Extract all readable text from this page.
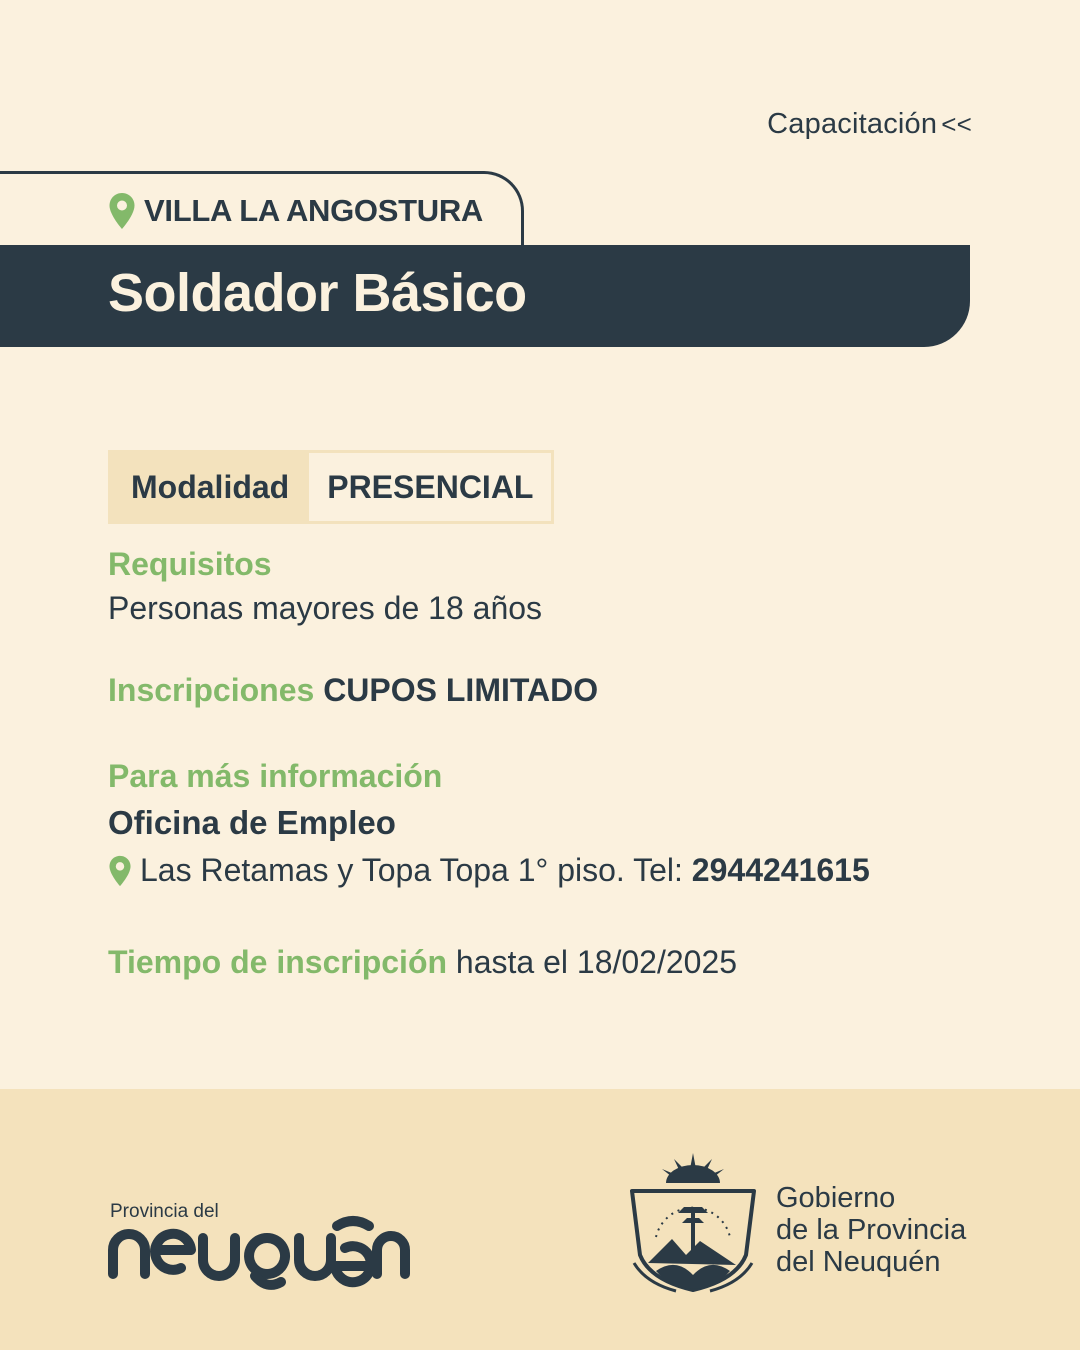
Capacitación <<
VILLA LA ANGOSTURA
Soldador Básico
Modalidad	PRESENCIAL
Requisitos
Personas mayores de 18 años
Inscripciones CUPOS LIMITADO
Para más información
Oficina de Empleo
Las Retamas y Topa Topa 1° piso. Tel: 2944241615
Tiempo de inscripción hasta el 18/02/2025
Provincia del	Gobierno
de la Provincia
del Neuquén
